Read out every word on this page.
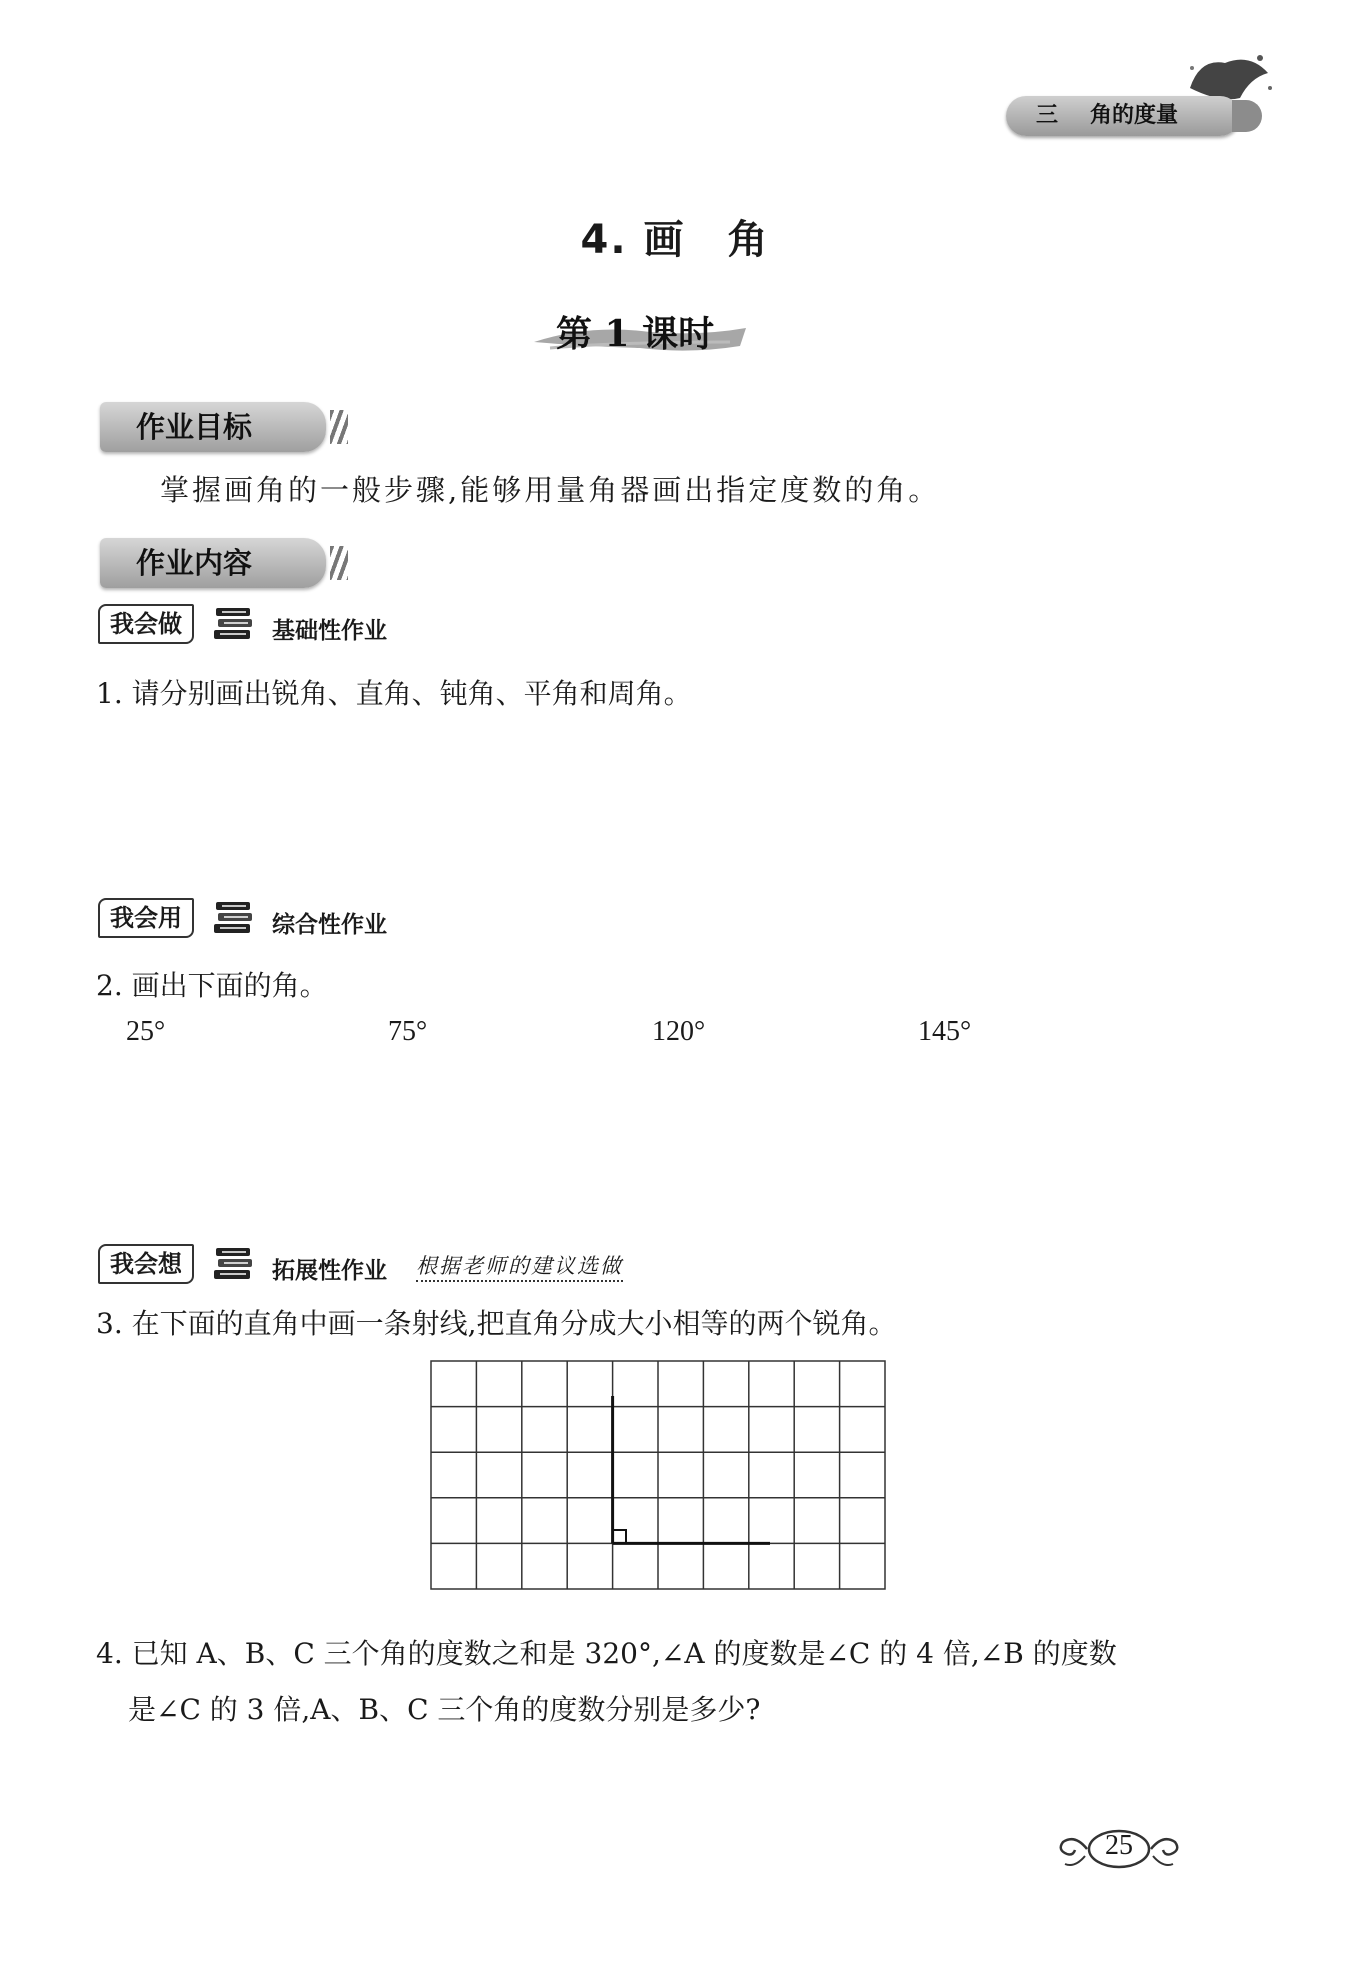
三 角的度量
4. 画　角
第 1 课时
作业目标
掌握画角的一般步骤,能够用量角器画出指定度数的角。
作业内容
我会做	基础性作业
1. 请分别画出锐角、直角、钝角、平角和周角。
我会用	综合性作业
2. 画出下面的角。
25°	75°	120°	145°
我会想	拓展性作业 根据老师的建议选做
3. 在下面的直角中画一条射线,把直角分成大小相等的两个锐角。
4. 已知 A、B、C 三个角的度数之和是 320°,∠A 的度数是∠C 的 4 倍,∠B 的度数
是∠C 的 3 倍,A、B、C 三个角的度数分别是多少?
25
